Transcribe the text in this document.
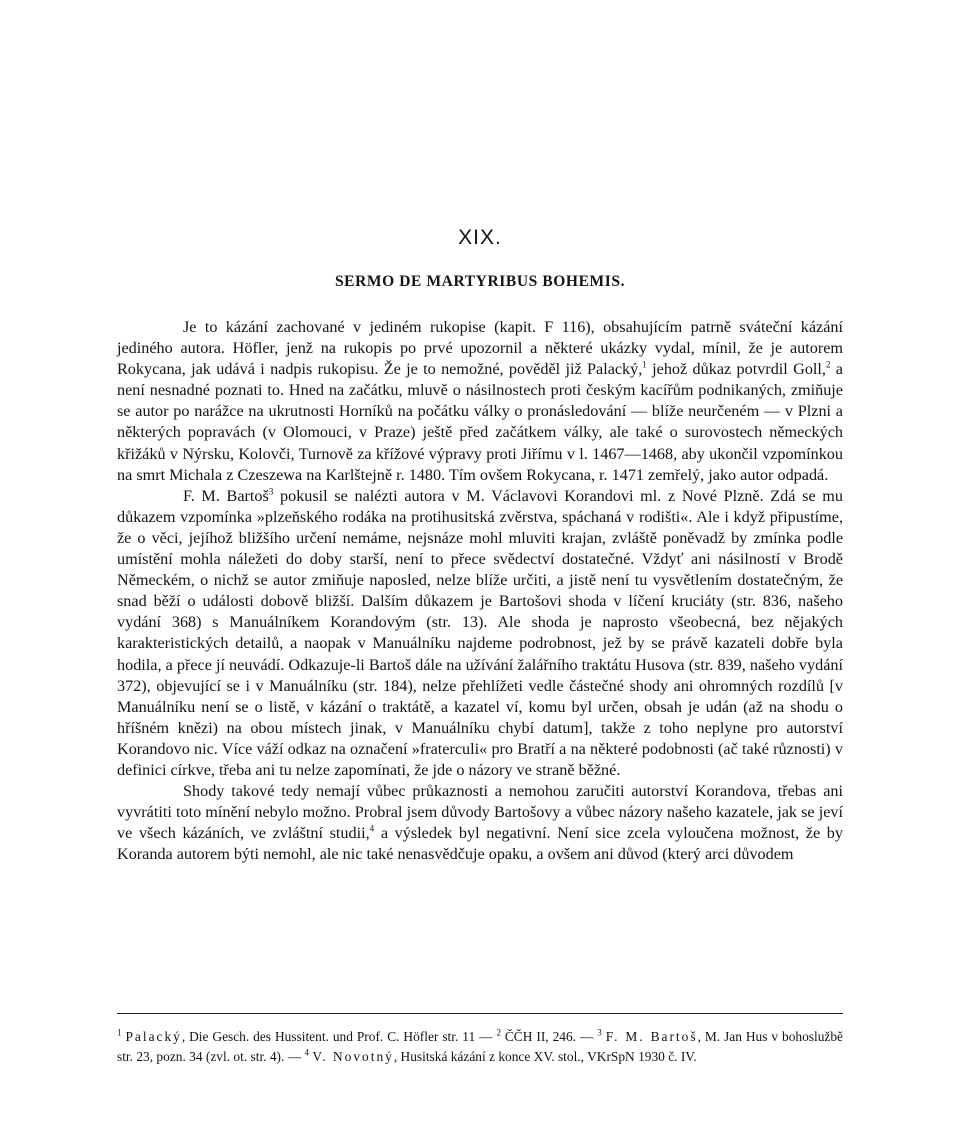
XIX.
SERMO DE MARTYRIBUS BOHEMIS.

Je to kázání zachované v jediném rukopise (kapit. F 116), obsahujícím patrně sváteční kázání jediného autora. Höfler, jenž na rukopis po prvé upozornil a některé ukázky vydal, mínil, že je autorem Rokycana, jak udává i nadpis rukopisu. Že je to nemožné, pověděl již Palacký,$^1$ jehož důkaz potvrdil Goll,$^2$ a není nesnadné poznati to. Hned na začátku, mluvě o násilnostech proti českým kacířům podnikaných, zmiňuje se autor po narážce na ukrutnosti Horníků na počátku války o pronásledování — blíže neurčeném — v Plzni a některých popravách (v Olomouci, v Praze) ještě před začátkem války, ale také o surovostech německých křižáků v Nýrsku, Kolovči, Turnově za křížové výpravy proti Jiřímu v l. 1467—1468, aby ukončil vzpomínkou na smrt Michala z Czeszewa na Karlštejně r. 1480. Tím ovšem Rokycana, r. 1471 zemřelý, jako autor odpadá.

F. M. Bartoš$^3$ pokusil se nalézti autora v M. Václavovi Korandovi ml. z Nové Plzně. Zdá se mu důkazem vzpomínka »plzeňského rodáka na protihusitská zvěrstva, spáchaná v rodišti«. Ale i když připustíme, že o věci, jejíhož bližšího určení nemáme, nejsnáze mohl mluviti krajan, zvláště poněvadž by zmínka podle umístění mohla náležeti do doby starší, není to přece svědectví dostatečné. Vždyť ani násilností v Brodě Německém, o nichž se autor zmiňuje naposled, nelze blíže určiti, a jistě není tu vysvětlením dostatečným, že snad běží o události dobově bližší. Dalším důkazem je Bartošovi shoda v líčení kruciáty (str. 836, našeho vydání 368) s Manuálníkem Korandovým (str. 13). Ale shoda je naprosto všeobecná, bez nějakých karakteristických detailů, a naopak v Manuálníku najdeme podrobnost, jež by se právě kazateli dobře byla hodila, a přece jí neuvádí. Odkazuje-li Bartoš dále na užívání žalářního traktátu Husova (str. 839, našeho vydání 372), objevující se i v Manuálníku (str. 184), nelze přehlížeti vedle částečné shody ani ohromných rozdílů [v Manuálníku není se o listě, v kázání o traktátě, a kazatel ví, komu byl určen, obsah je udán (až na shodu o hříšném knězi) na obou místech jinak, v Manuálníku chybí datum], takže z toho neplyne pro autorství Korandovo nic. Více váží odkaz na označení »fraterculi« pro Bratří a na některé podobnosti (ač také různosti) v definici církve, třeba ani tu nelze zapomínati, že jde o názory ve straně běžné.

Shody takové tedy nemají vůbec průkaznosti a nemohou zaručiti autorství Korandova, třebas ani vyvrátiti toto mínění nebylo možno. Probral jsem důvody Bartošovy a vůbec názory našeho kazatele, jak se jeví ve všech kázáních, ve zvláštní studii,$^4$ a výsledek byl negativní. Není sice zcela vyloučena možnost, že by Koranda autorem býti nemohl, ale nic také nenasvědčuje opaku, a ovšem ani důvod (který arci důvodem

$^1$ Palacký, Die Gesch. des Hussitent. und Prof. C. Höfler str. 11 — $^2$ ČČH II, 246. — $^3$ F. M. Bartoš, M. Jan Hus v bohoslužbě str. 23, pozn. 34 (zvl. ot. str. 4). — $^4$ V. Novotný, Husitská kázání z konce XV. stol., VKrSpN 1930 č. IV.
